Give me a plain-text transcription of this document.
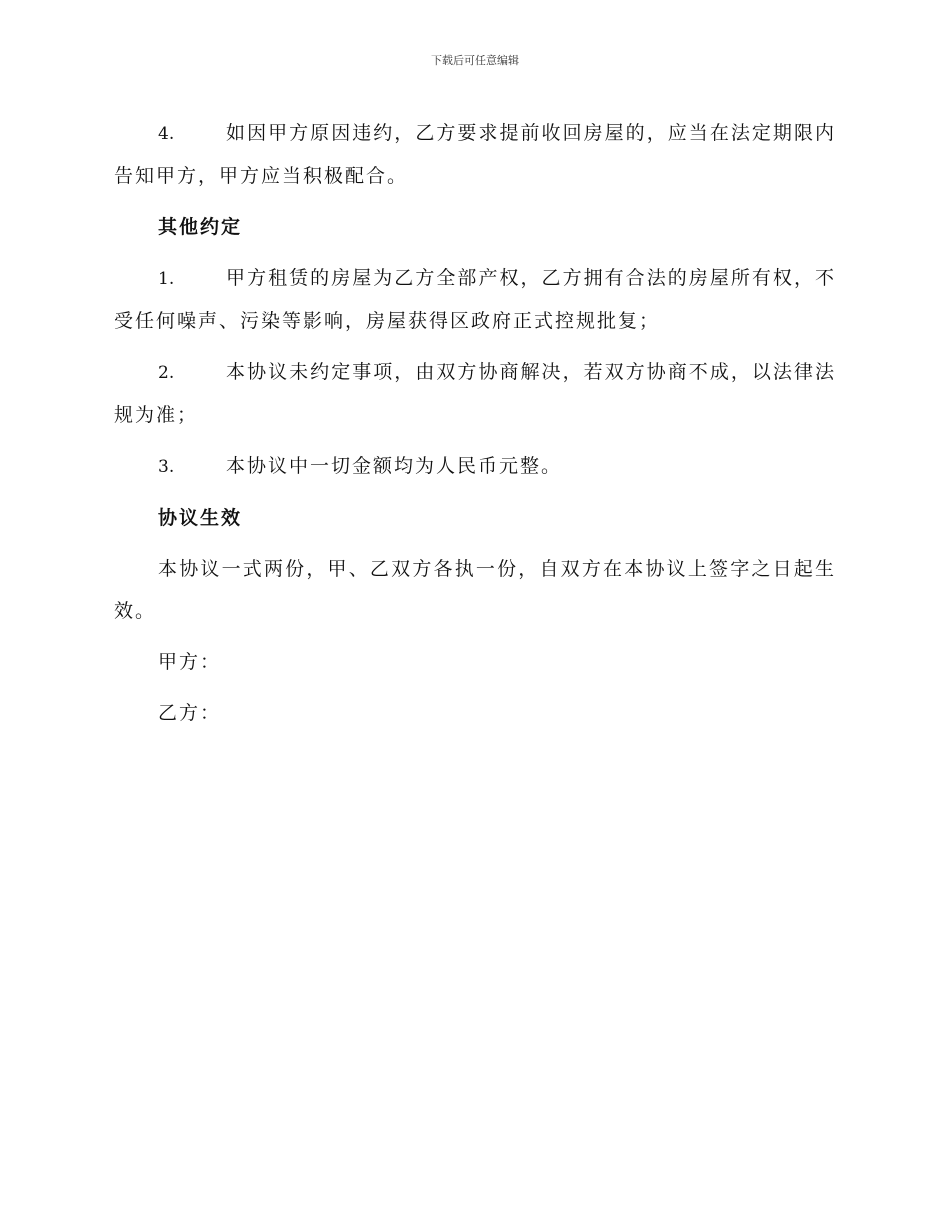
下载后可任意编辑

4.	如因甲方原因违约，乙方要求提前收回房屋的，应当在法定期限内告知甲方，甲方应当积极配合。

其他约定

1.	甲方租赁的房屋为乙方全部产权，乙方拥有合法的房屋所有权，不受任何噪声、污染等影响，房屋获得区政府正式控规批复；

2.	本协议未约定事项，由双方协商解决，若双方协商不成，以法律法规为准；

3.	本协议中一切金额均为人民币元整。

协议生效

本协议一式两份，甲、乙双方各执一份，自双方在本协议上签字之日起生效。

甲方：
乙方：
